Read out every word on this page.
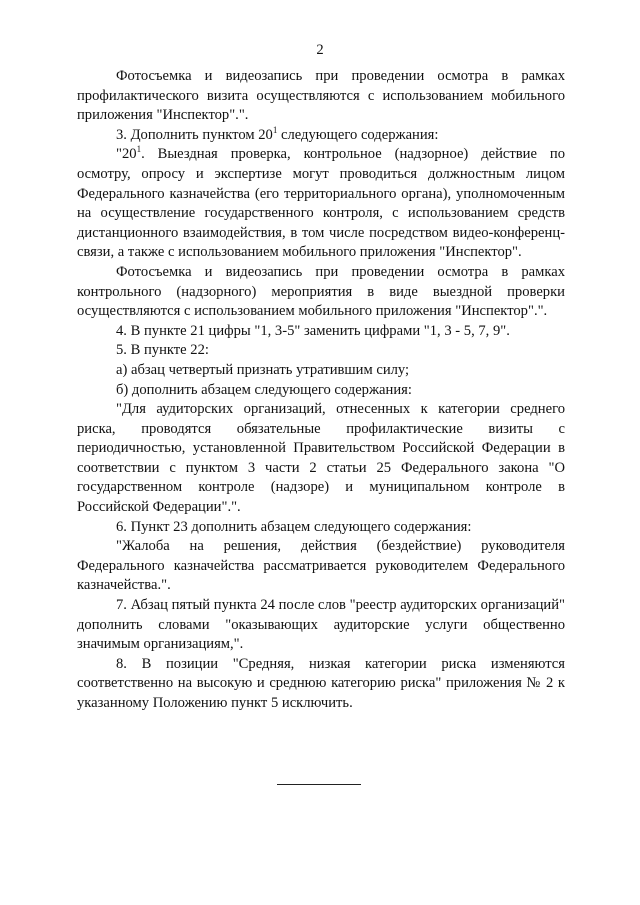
2

Фотосъемка и видеозапись при проведении осмотра в рамках профилактического визита осуществляются с использованием мобильного приложения "Инспектор".".

3. Дополнить пунктом $20^1$ следующего содержания:

"$20^1$. Выездная проверка, контрольное (надзорное) действие по осмотру, опросу и экспертизе могут проводиться должностным лицом Федерального казначейства (его территориального органа), уполномоченным на осуществление государственного контроля, с использованием средств дистанционного взаимодействия, в том числе посредством видео-конференц-связи, а также с использованием мобильного приложения "Инспектор".

Фотосъемка и видеозапись при проведении осмотра в рамках контрольного (надзорного) мероприятия в виде выездной проверки осуществляются с использованием мобильного приложения "Инспектор".".

4. В пункте 21 цифры "1, 3-5" заменить цифрами "1, 3 - 5, 7, 9".

5. В пункте 22:

а) абзац четвертый признать утратившим силу;

б) дополнить абзацем следующего содержания:

"Для аудиторских организаций, отнесенных к категории среднего риска, проводятся обязательные профилактические визиты с периодичностью, установленной Правительством Российской Федерации в соответствии с пунктом 3 части 2 статьи 25 Федерального закона "О государственном контроле (надзоре) и муниципальном контроле в Российской Федерации".".

6. Пункт 23 дополнить абзацем следующего содержания:

"Жалоба на решения, действия (бездействие) руководителя Федерального казначейства рассматривается руководителем Федерального казначейства.".

7. Абзац пятый пункта 24 после слов "реестр аудиторских организаций" дополнить словами "оказывающих аудиторские услуги общественно значимым организациям,".

8. В позиции "Средняя, низкая категории риска изменяются соответственно на высокую и среднюю категорию риска" приложения № 2 к указанному Положению пункт 5 исключить.
